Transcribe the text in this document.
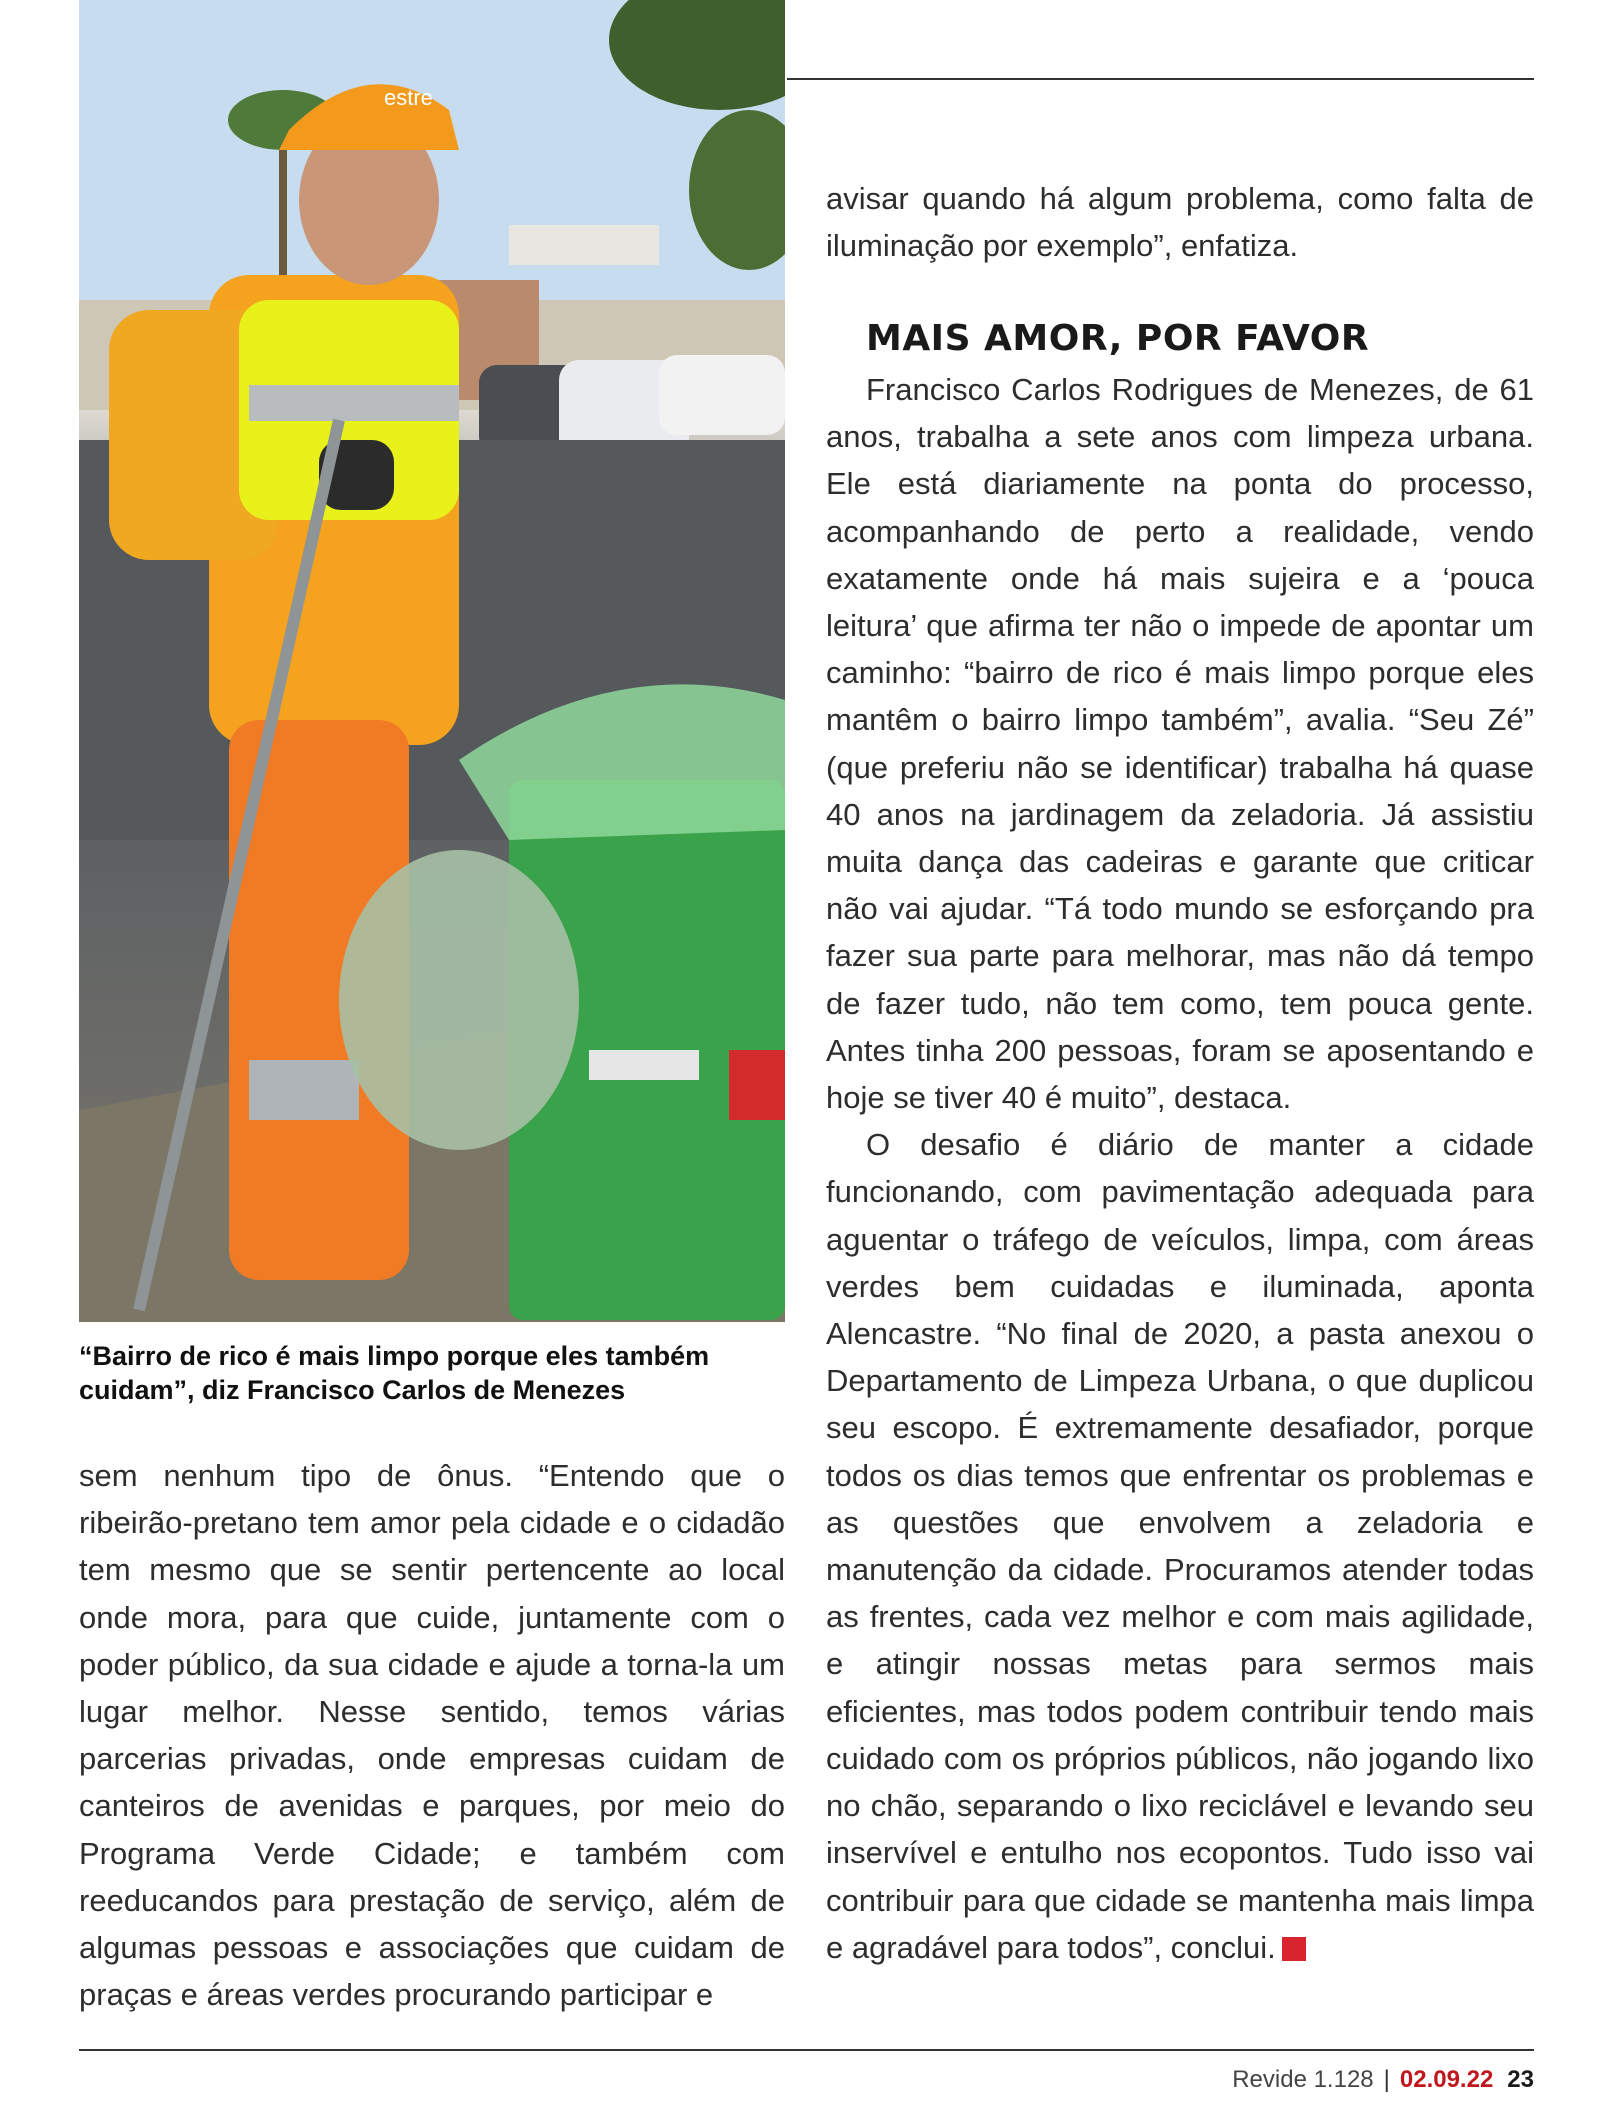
estre
“Bairro de rico é mais limpo porque eles também
cuidam”, diz Francisco Carlos de Menezes

sem nenhum tipo de ônus. “Entendo que o ribeirão-pretano tem amor pela cidade e o cidadão tem mesmo que se sentir pertencente ao local onde mora, para que cuide, juntamente com o poder público, da sua cidade e ajude a torna-la um lugar melhor. Nesse sentido, temos várias parcerias privadas, onde empresas cuidam de canteiros de avenidas e parques, por meio do Programa Verde Cidade; e também com reeducandos para prestação de serviço, além de algumas pessoas e associações que cuidam de praças e áreas verdes procurando participar e

avisar quando há algum problema, como falta de iluminação por exemplo”, enfatiza.

MAIS AMOR, POR FAVOR

Francisco Carlos Rodrigues de Menezes, de 61 anos, trabalha a sete anos com limpeza urbana. Ele está diariamente na ponta do processo, acompanhando de perto a realidade, vendo exatamente onde há mais sujeira e a ‘pouca leitura’ que afirma ter não o impede de apontar um caminho: “bairro de rico é mais limpo porque eles mantêm o bairro limpo também”, avalia. “Seu Zé” (que preferiu não se identificar) trabalha há quase 40 anos na jardinagem da zeladoria. Já assistiu muita dança das cadeiras e garante que criticar não vai ajudar. “Tá todo mundo se esforçando pra fazer sua parte para melhorar, mas não dá tempo de fazer tudo, não tem como, tem pouca gente. Antes tinha 200 pessoas, foram se aposentando e hoje se tiver 40 é muito”, destaca.

O desafio é diário de manter a cidade funcionando, com pavimentação adequada para aguentar o tráfego de veículos, limpa, com áreas verdes bem cuidadas e iluminada, aponta Alencastre. “No final de 2020, a pasta anexou o Departamento de Limpeza Urbana, o que duplicou seu escopo. É extremamente desafiador, porque todos os dias temos que enfrentar os problemas e as questões que envolvem a zeladoria e manutenção da cidade. Procuramos atender todas as frentes, cada vez melhor e com mais agilidade, e atingir nossas metas para sermos mais eficientes, mas todos podem contribuir tendo mais cuidado com os próprios públicos, não jogando lixo no chão, separando o lixo reciclável e levando seu inservível e entulho nos ecopontos. Tudo isso vai contribuir para que cidade se mantenha mais limpa e agradável para todos”, conclui. R

Revide 1.128 | 02.09.22 23
